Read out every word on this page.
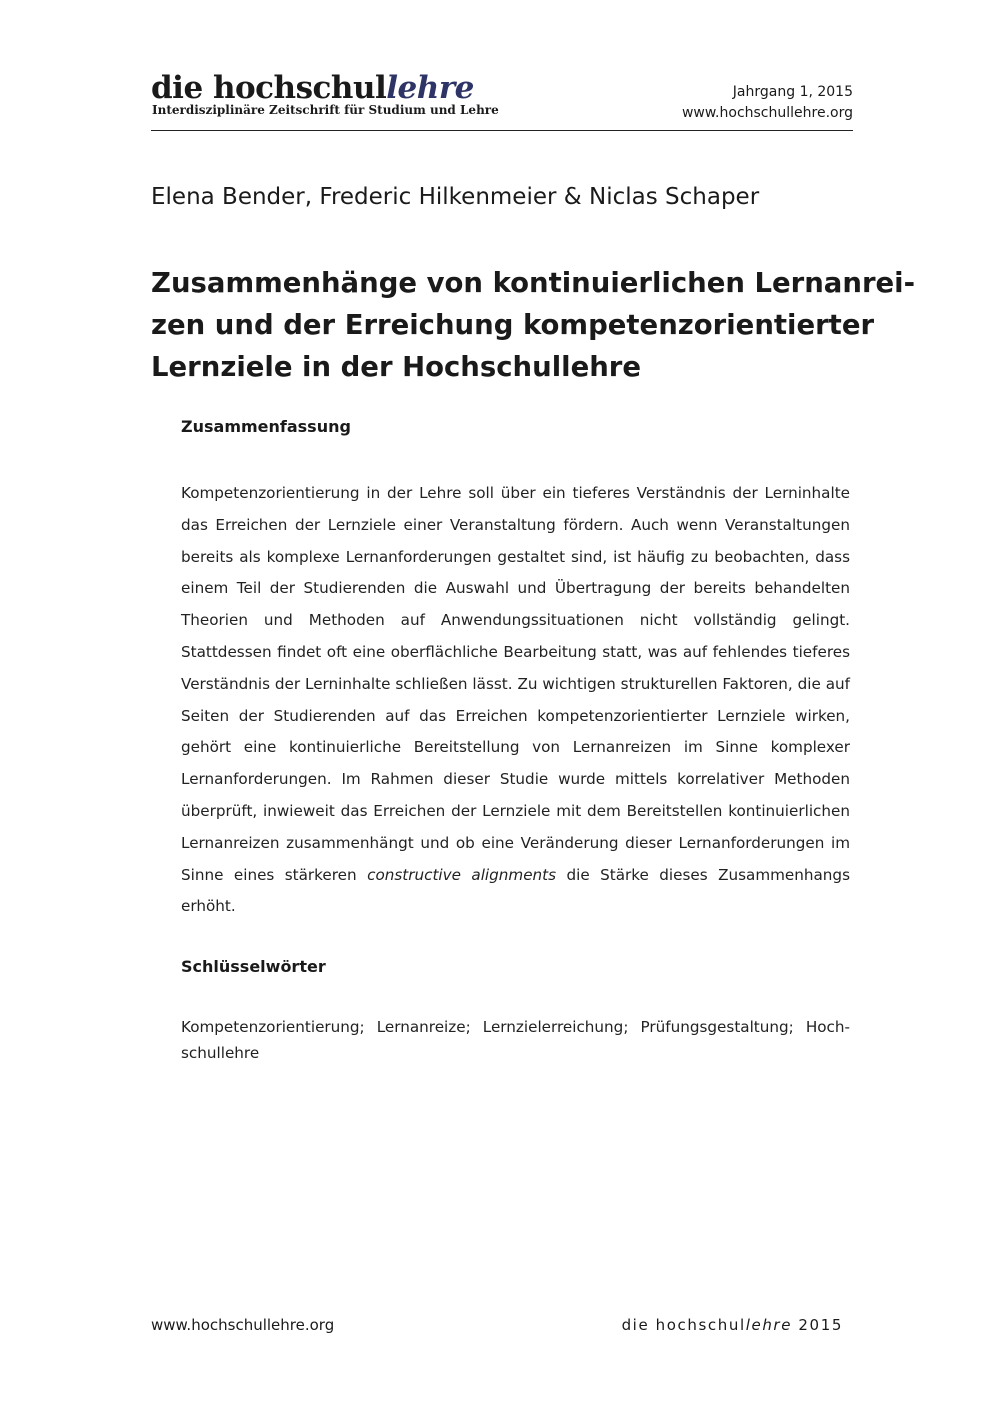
die hochschullehre
Interdisziplinäre Zeitschrift für Studium und Lehre
Jahrgang 1, 2015
www.hochschullehre.org
Elena Bender, Frederic Hilkenmeier & Niclas Schaper
Zusammenhänge von kontinuierlichen Lernanrei-
zen und der Erreichung kompetenzorientierter
Lernziele in der Hochschullehre
Zusammenfassung

Kompetenzorientierung in der Lehre soll über ein tieferes Verständnis der Lerninhalte das Erreichen der Lernziele einer Veranstaltung fördern. Auch wenn Veranstaltungen bereits als komplexe Lernanforderungen gestaltet sind, ist häufig zu beobachten, dass einem Teil der Studierenden die Auswahl und Übertragung der bereits behandelten Theorien und Methoden auf Anwendungssituationen nicht vollständig gelingt. Stattdessen findet oft eine oberflächliche Bearbeitung statt, was auf fehlendes tieferes Verständnis der Lerninhalte schließen lässt. Zu wichtigen strukturellen Faktoren, die auf Seiten der Studierenden auf das Erreichen kompetenzorientierter Lernziele wirken, gehört eine kontinuierliche Bereitstellung von Lernanreizen im Sinne komplexer Lernanforderungen. Im Rahmen dieser Studie wurde mittels korrelativer Methoden überprüft, inwieweit das Erreichen der Lernziele mit dem Bereitstellen kontinuierlichen Lernanreizen zusammenhängt und ob eine Veränderung dieser Lernanforderungen im Sinne eines stärkeren constructive alignments die Stärke dieses Zusammenhangs erhöht.

Schlüsselwörter

Kompetenzorientierung; Lernanreize; Lernzielerreichung; Prüfungsgestaltung; Hoch-schullehre

www.hochschullehre.org	die hochschullehre 2015
